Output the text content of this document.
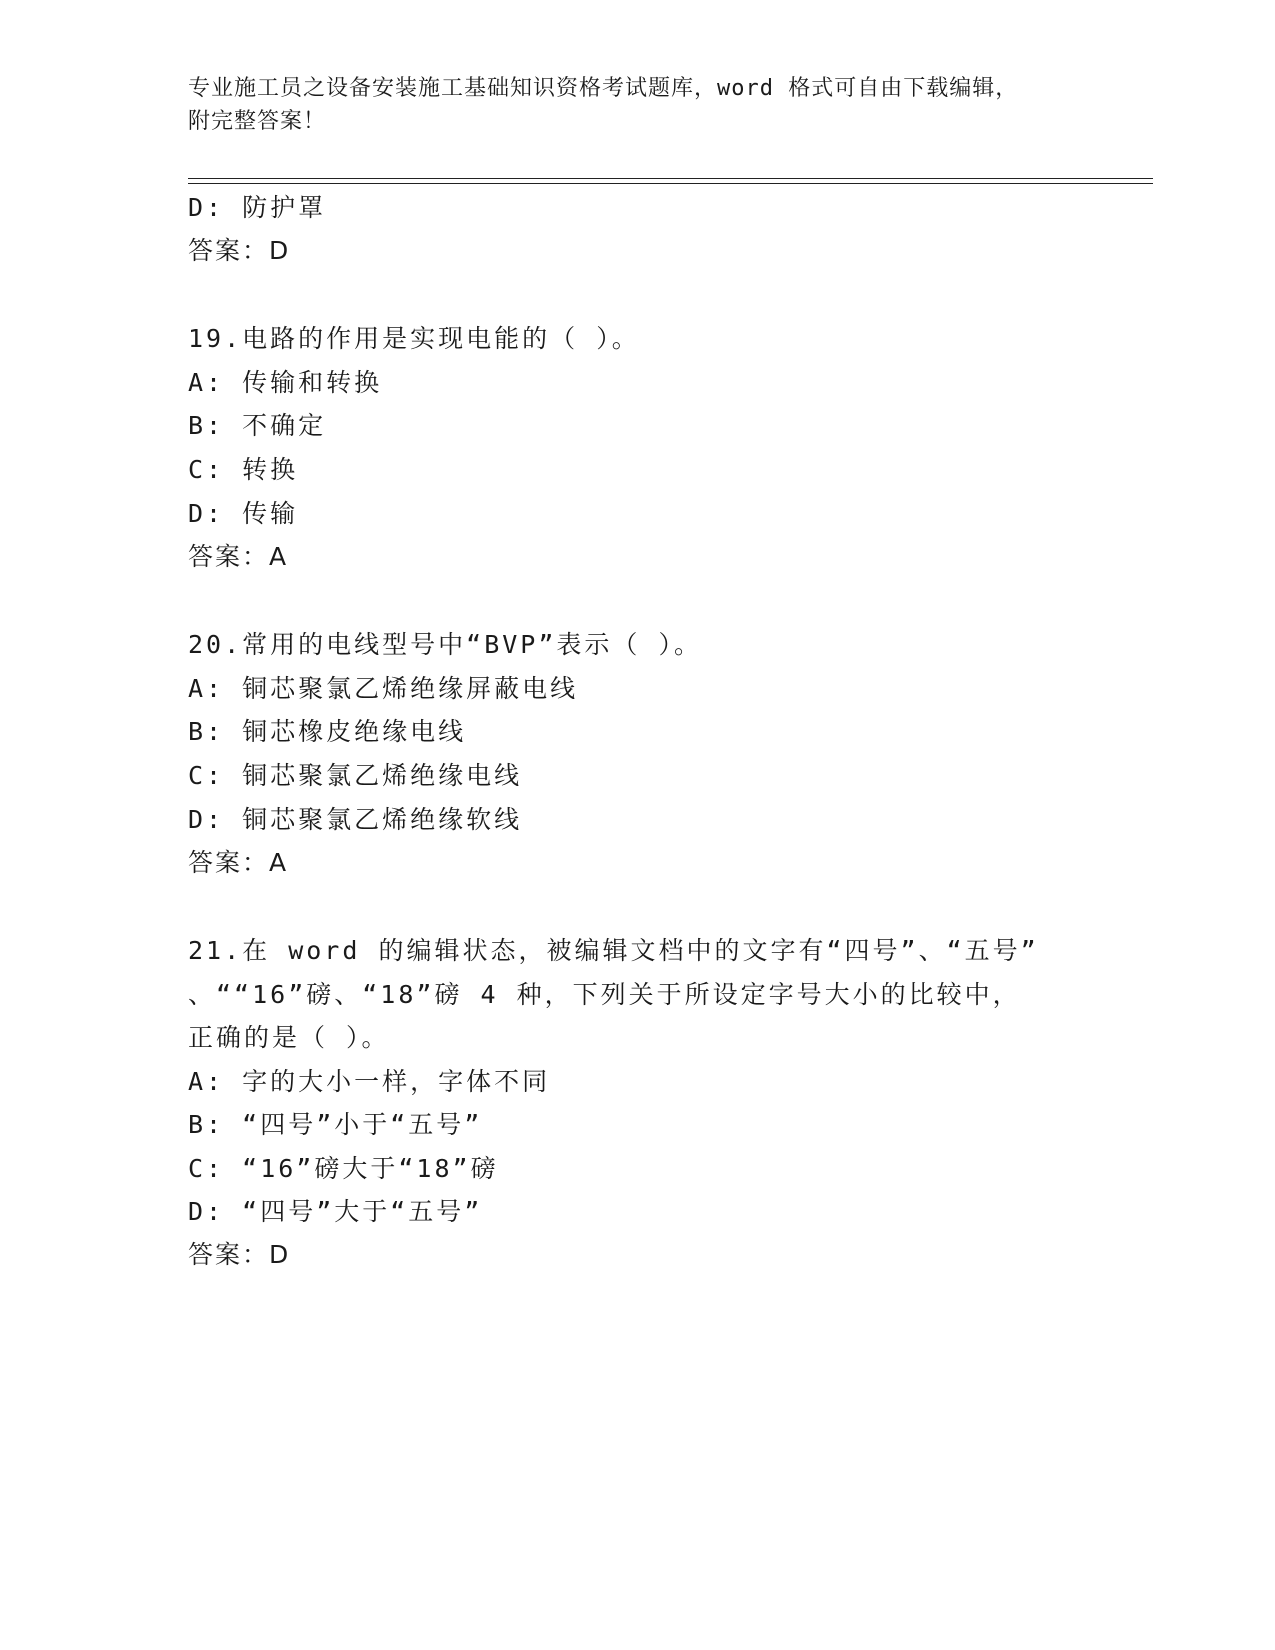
专业施工员之设备安装施工基础知识资格考试题库，word 格式可自由下载编辑，
附完整答案！
D: 防护罩
答案：D
19.电路的作用是实现电能的（ ）。
A: 传输和转换
B: 不确定
C: 转换
D: 传输
答案：A
20.常用的电线型号中“BVP”表示（ ）。
A: 铜芯聚氯乙烯绝缘屏蔽电线
B: 铜芯橡皮绝缘电线
C: 铜芯聚氯乙烯绝缘电线
D: 铜芯聚氯乙烯绝缘软线
答案：A
21.在 word 的编辑状态，被编辑文档中的文字有“四号”、“五号”
、““16”磅、“18”磅 4 种，下列关于所设定字号大小的比较中，
正确的是（ ）。
A: 字的大小一样，字体不同
B: “四号”小于“五号”
C: “16”磅大于“18”磅
D: “四号”大于“五号”
答案：D
